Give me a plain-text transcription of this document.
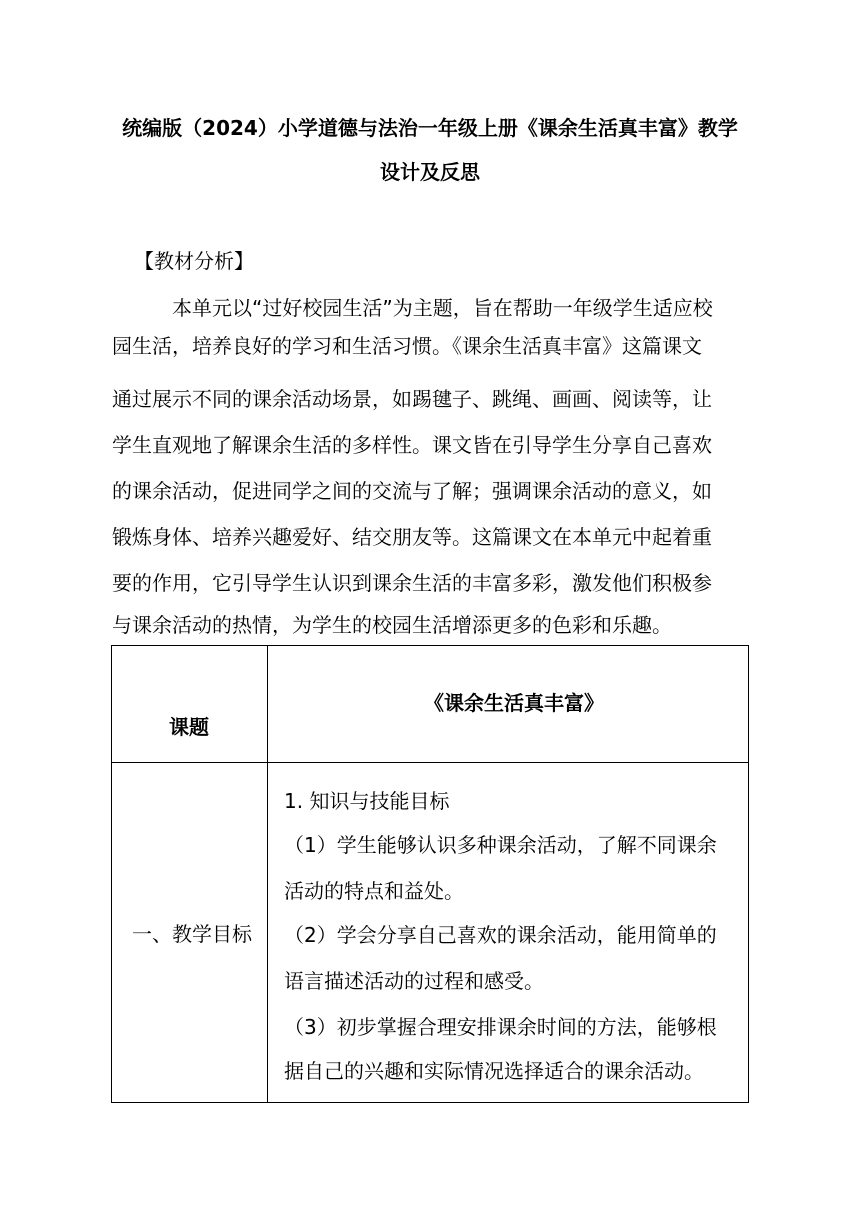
统编版（2024）小学道德与法治一年级上册《课余生活真丰富》教学
设计及反思
【教材分析】
本单元以“过好校园生活”为主题，旨在帮助一年级学生适应校
园生活，培养良好的学习和生活习惯。《课余生活真丰富》这篇课文
通过展示不同的课余活动场景，如踢毽子、跳绳、画画、阅读等，让
学生直观地了解课余生活的多样性。课文皆在引导学生分享自己喜欢
的课余活动，促进同学之间的交流与了解；强调课余活动的意义，如
锻炼身体、培养兴趣爱好、结交朋友等。这篇课文在本单元中起着重
要的作用，它引导学生认识到课余生活的丰富多彩，激发他们积极参
与课余活动的热情，为学生的校园生活增添更多的色彩和乐趣。
课题
《课余生活真丰富》
一、教学目标
1. 知识与技能目标
（1）学生能够认识多种课余活动，了解不同课余
活动的特点和益处。
（2）学会分享自己喜欢的课余活动，能用简单的
语言描述活动的过程和感受。
（3）初步掌握合理安排课余时间的方法，能够根
据自己的兴趣和实际情况选择适合的课余活动。
